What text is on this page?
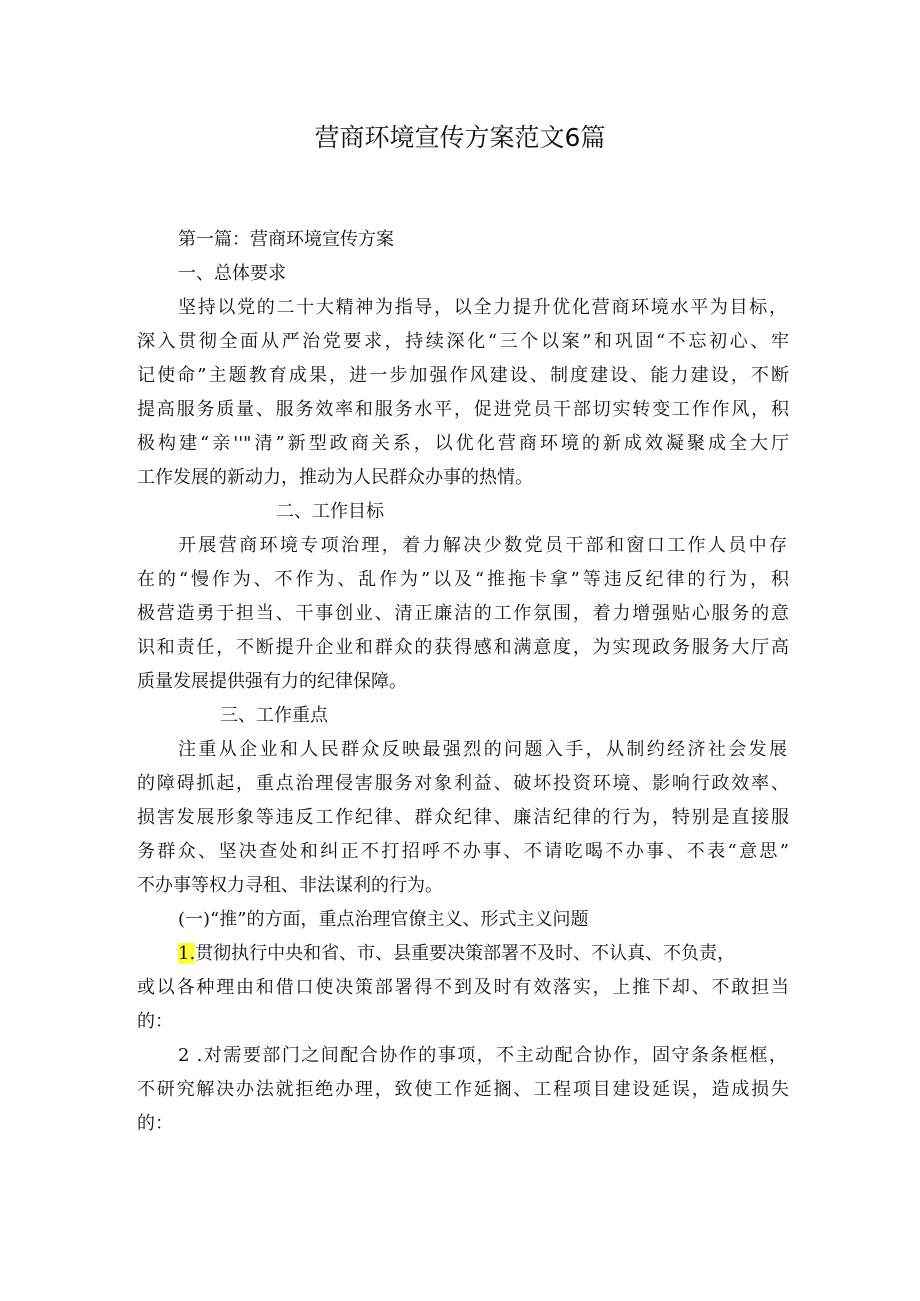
营商环境宣传方案范文6篇
第一篇：营商环境宣传方案
一、总体要求
坚持以党的二十大精神为指导，以全力提升优化营商环境水平为目标，
深入贯彻全面从严治党要求，持续深化“三个以案”和巩固“不忘初心、牢
记使命”主题教育成果，进一步加强作风建设、制度建设、能力建设，不断
提高服务质量、服务效率和服务水平，促进党员干部切实转变工作作风，积
极构建“亲''"清”新型政商关系，以优化营商环境的新成效凝聚成全大厅
工作发展的新动力，推动为人民群众办事的热情。
二、工作目标
开展营商环境专项治理，着力解决少数党员干部和窗口工作人员中存
在的“慢作为、不作为、乱作为”以及“推拖卡拿”等违反纪律的行为，积
极营造勇于担当、干事创业、清正廉洁的工作氛围，着力增强贴心服务的意
识和责任，不断提升企业和群众的获得感和满意度，为实现政务服务大厅高
质量发展提供强有力的纪律保障。
三、工作重点
注重从企业和人民群众反映最强烈的问题入手，从制约经济社会发展
的障碍抓起，重点治理侵害服务对象利益、破坏投资环境、影响行政效率、
损害发展形象等违反工作纪律、群众纪律、廉洁纪律的行为，特别是直接服
务群众、坚决查处和纠正不打招呼不办事、不请吃喝不办事、不表“意思”
不办事等权力寻租、非法谋利的行为。
(一)“推”的方面，重点治理官僚主义、形式主义问题
1.贯彻执行中央和省、市、县重要决策部署不及时、不认真、不负责，
或以各种理由和借口使决策部署得不到及时有效落实，上推下却、不敢担当
的：
2 .对需要部门之间配合协作的事项，不主动配合协作，固守条条框框，
不研究解决办法就拒绝办理，致使工作延搁、工程项目建设延误，造成损失
的：
